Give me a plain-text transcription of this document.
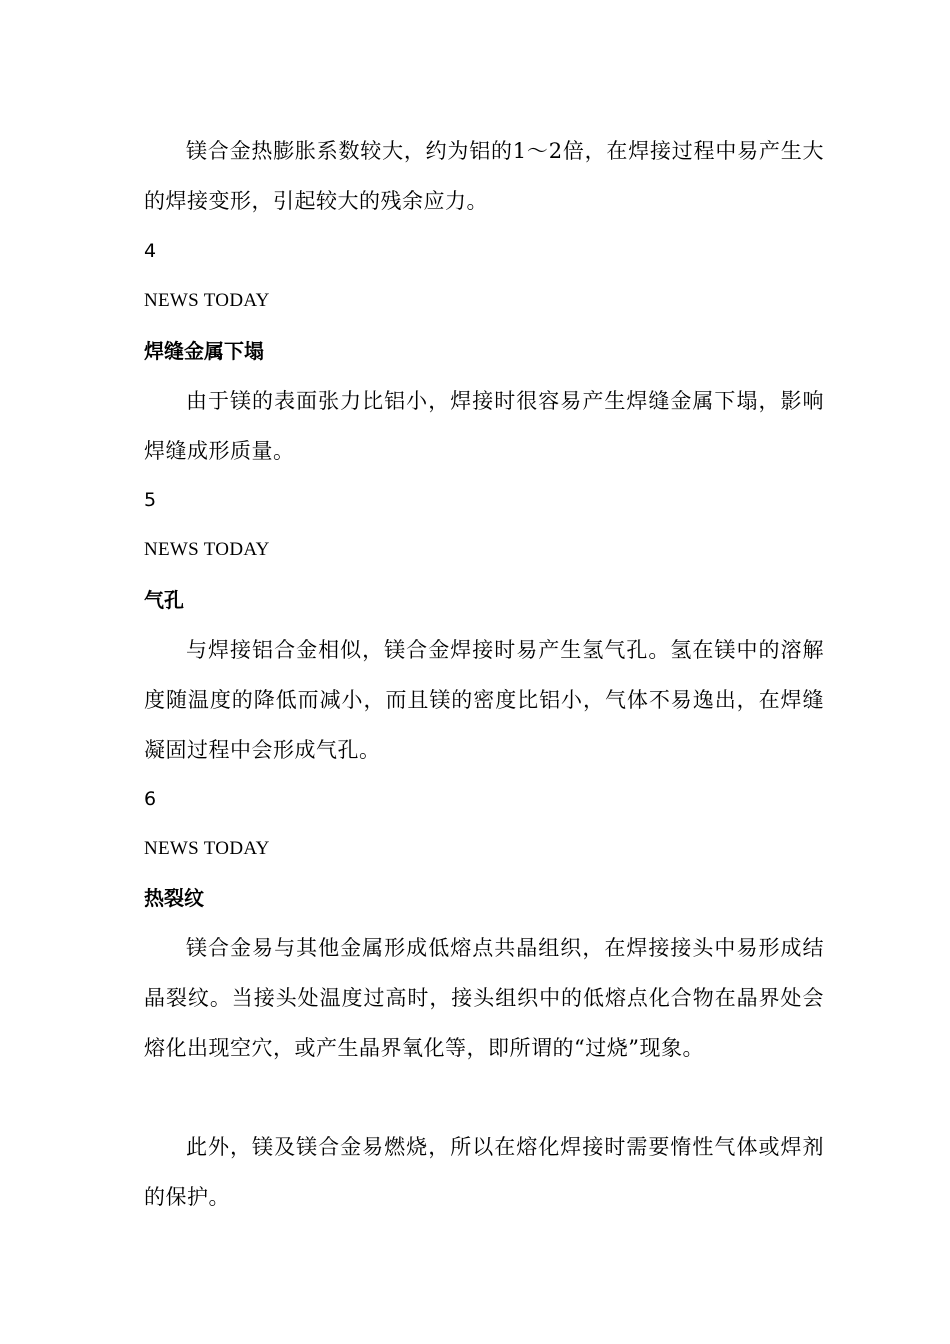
镁合金热膨胀系数较大，约为铝的1～2倍，在焊接过程中易产生大的焊接变形，引起较大的残余应力。

4
NEWS TODAY
焊缝金属下塌

由于镁的表面张力比铝小，焊接时很容易产生焊缝金属下塌，影响焊缝成形质量。

5
NEWS TODAY
气孔

与焊接铝合金相似，镁合金焊接时易产生氢气孔。氢在镁中的溶解度随温度的降低而减小，而且镁的密度比铝小，气体不易逸出，在焊缝凝固过程中会形成气孔。

6
NEWS TODAY
热裂纹

镁合金易与其他金属形成低熔点共晶组织，在焊接接头中易形成结晶裂纹。当接头处温度过高时，接头组织中的低熔点化合物在晶界处会熔化出现空穴，或产生晶界氧化等，即所谓的“过烧”现象。

此外，镁及镁合金易燃烧，所以在熔化焊接时需要惰性气体或焊剂的保护。
